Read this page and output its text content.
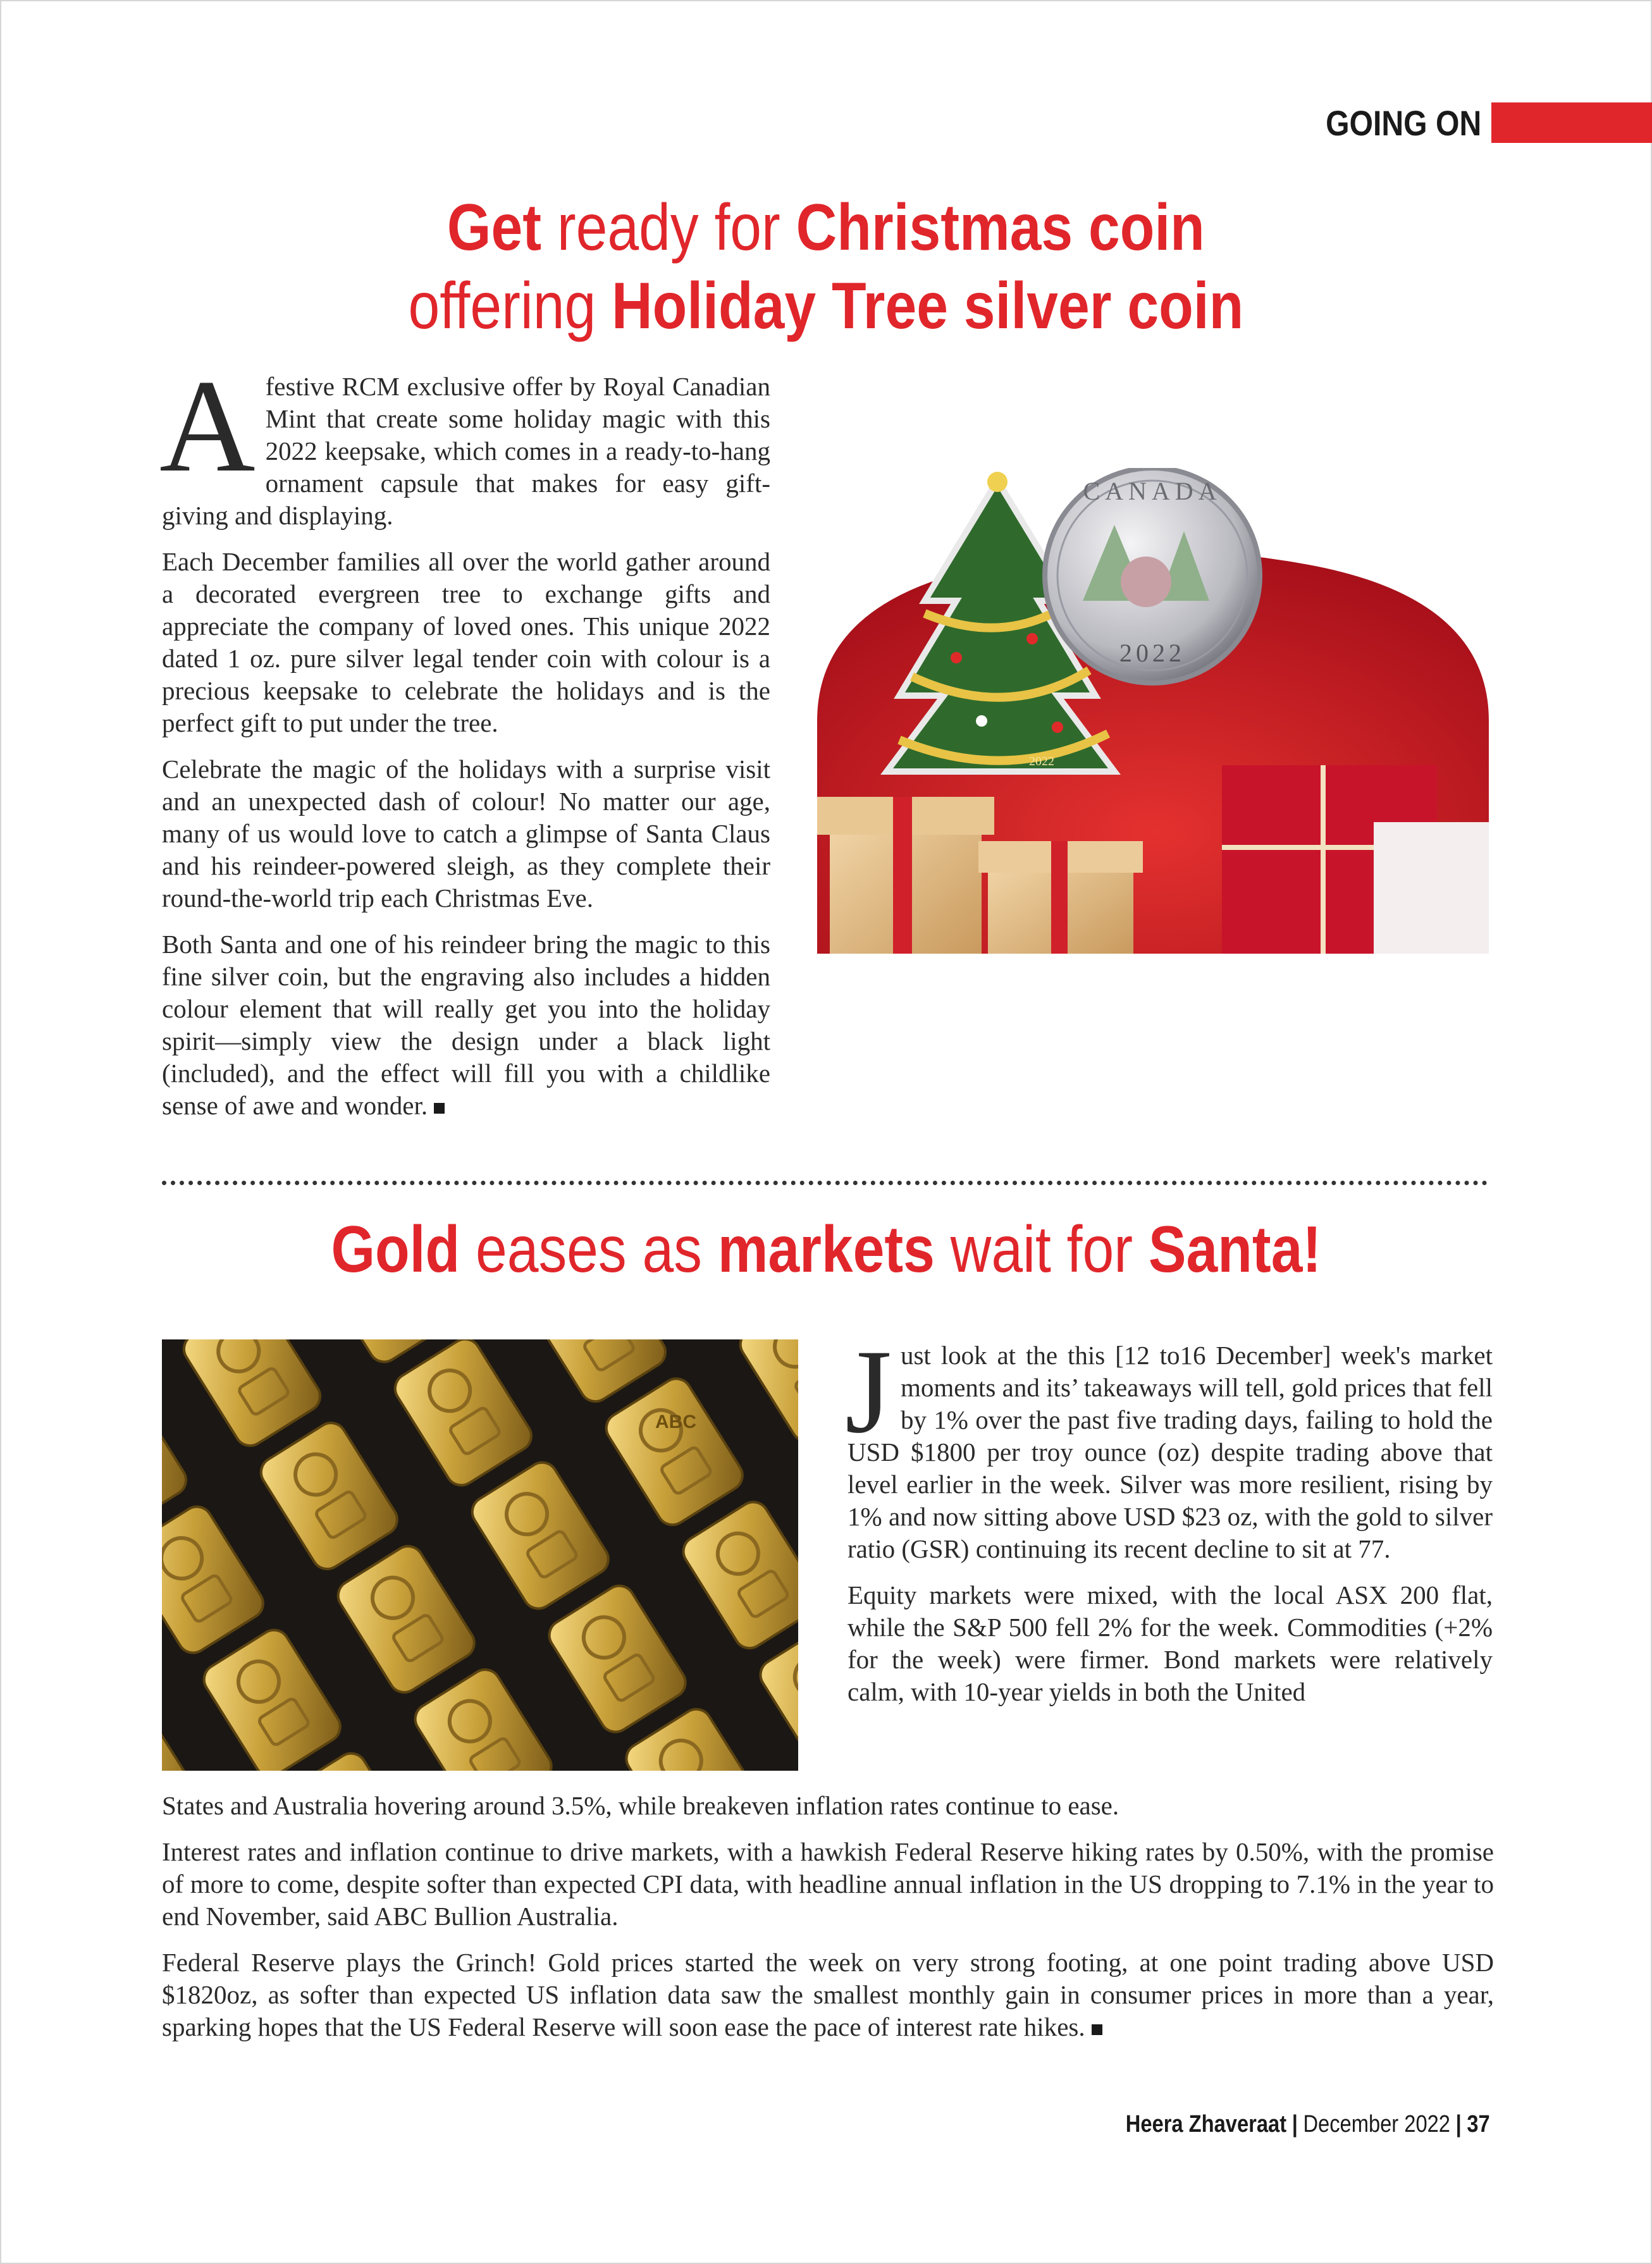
GOING ON
Get ready for Christmas coin
offering Holiday Tree silver coin

Afestive RCM exclusive offer by Royal Canadian Mint that create some holiday magic with this 2022 keepsake, which comes in a ready-to-hang ornament capsule that makes for easy gift-giving and displaying.

Each December families all over the world gather around a decorated evergreen tree to exchange gifts and appreciate the company of loved ones. This unique 2022 dated 1 oz. pure silver legal tender coin with colour is a precious keepsake to celebrate the holidays and is the perfect gift to put under the tree.

Celebrate the magic of the holidays with a surprise visit and an unexpected dash of colour! No matter our age, many of us would love to catch a glimpse of Santa Claus and his reindeer-powered sleigh, as they complete their round-the-world trip each Christmas Eve.

Both Santa and one of his reindeer bring the magic to this fine silver coin, but the engraving also includes a hidden colour element that will really get you into the holiday spirit—simply view the design under a black light (included), and the effect will fill you with a childlike sense of awe and wonder.

2022
CANADA
2022
Gold eases as markets wait for Santa!
ABC Just look at the this [12 to16 December] week's market moments and its’ takeaways will tell, gold prices that fell by 1% over the past five trading days, failing to hold the USD $1800 per troy ounce (oz) despite trading above that level earlier in the week. Silver was more resilient, rising by 1% and now sitting above USD $23 oz, with the gold to silver ratio (GSR) continuing its recent decline to sit at 77.

Equity markets were mixed, with the local ASX 200 flat, while the S&P 500 fell 2% for the week. Commodities (+2% for the week) were firmer. Bond markets were relatively calm, with 10-year yields in both the United

States and Australia hovering around 3.5%, while breakeven inflation rates continue to ease.

Interest rates and inflation continue to drive markets, with a hawkish Federal Reserve hiking rates by 0.50%, with the promise of more to come, despite softer than expected CPI data, with headline annual inflation in the US dropping to 7.1% in the year to end November, said ABC Bullion Australia.

Federal Reserve plays the Grinch! Gold prices started the week on very strong footing, at one point trading above USD $1820oz, as softer than expected US inflation data saw the smallest monthly gain in consumer prices in more than a year, sparking hopes that the US Federal Reserve will soon ease the pace of interest rate hikes.

Heera Zhaveraat | December 2022 | 37
